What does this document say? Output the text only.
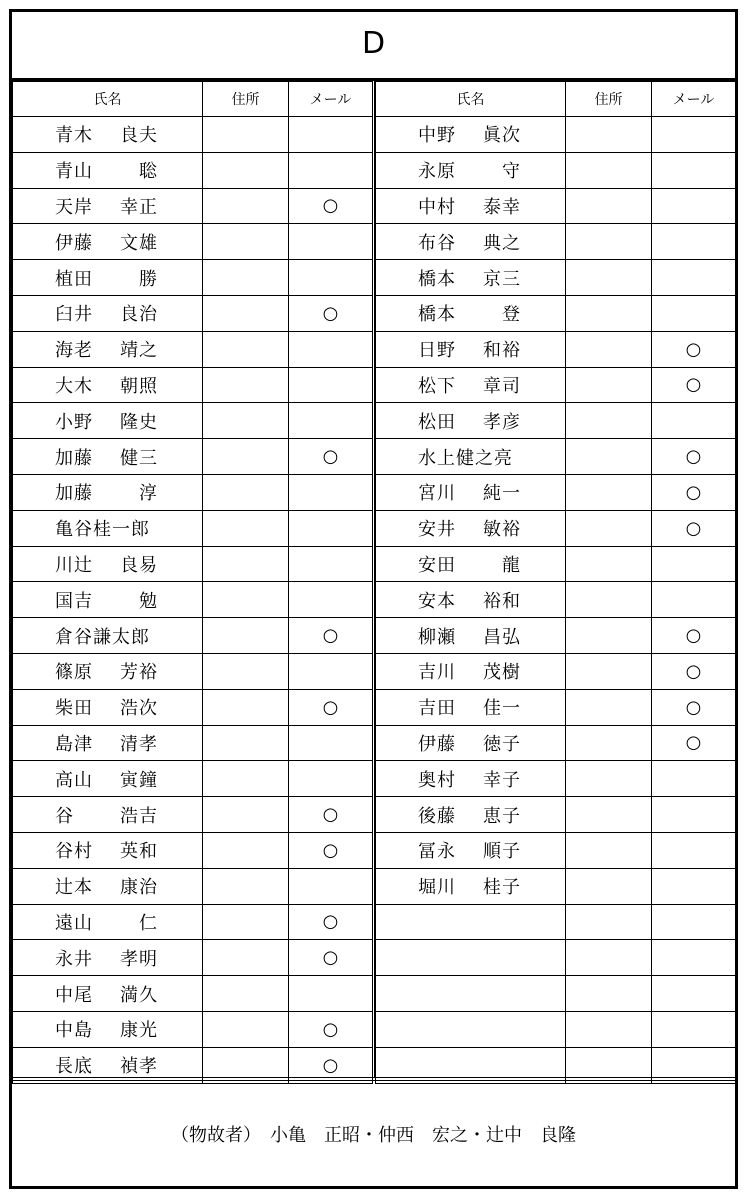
D
氏名	住所	メール

青木 良夫		

青山 聡		

天岸 幸正		○

伊藤 文雄		

植田 勝		

臼井 良治		○

海老 靖之		

大木 朝照		

小野 隆史		

加藤 健三		○

加藤 淳		

亀谷桂一郎		

川辻 良易		

国吉 勉		

倉谷謙太郎		○

篠原 芳裕		

柴田 浩次		○

島津 清孝		

高山 寅鐘		

谷 浩吉		○

谷村 英和		○

辻本 康治		

遠山 仁		○

永井 孝明		○

中尾 満久		

中島 康光		○

長底 禎孝		○
氏名	住所	メール

中野 眞次		

永原 守		

中村 泰幸		

布谷 典之		

橋本 京三		

橋本 登		

日野 和裕		○

松下 章司		○

松田 孝彦		

水上健之亮		○

宮川 純一		○

安井 敏裕		○

安田 龍		

安本 裕和		

柳瀬 昌弘		○

吉川 茂樹		○

吉田 佳一		○

伊藤 徳子		○

奥村 幸子		

後藤 恵子		

冨永 順子		

堀川 桂子		

（物故者）　小亀　正昭・仲西　宏之・辻中　良隆
